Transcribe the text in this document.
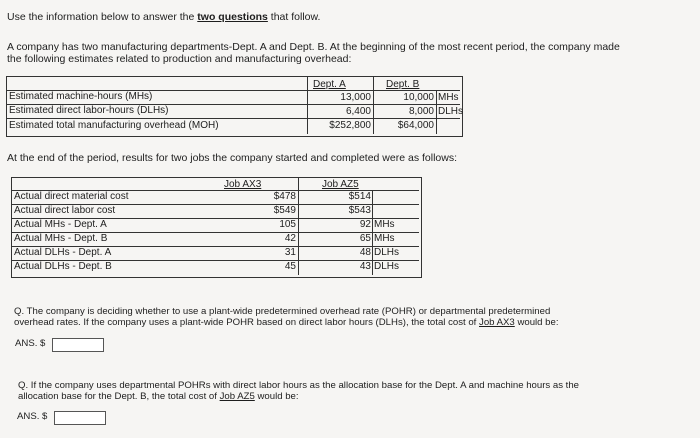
Use the information below to answer the two questions that follow.
A company has two manufacturing departments-Dept. A and Dept. B. At the beginning of the most recent period, the company made
the following estimates related to production and manufacturing overhead:
Dept. A	Dept. B
Estimated machine-hours (MHs)	13,000	10,000 MHs
Estimated direct labor-hours (DLHs)	6,400	8,000 DLHs
Estimated total manufacturing overhead (MOH)	$252,800	$64,000
At the end of the period, results for two jobs the company started and completed were as follows:
Job AX3	Job AZ5
Actual direct material cost	$478	$514
Actual direct labor cost	$549	$543
Actual MHs - Dept. A	105	92 MHs
Actual MHs - Dept. B	42	65 MHs
Actual DLHs - Dept. A	31	48 DLHs
Actual DLHs - Dept. B	45	43 DLHs
Q. The company is deciding whether to use a plant-wide predetermined overhead rate (POHR) or departmental predetermined
overhead rates. If the company uses a plant-wide POHR based on direct labor hours (DLHs), the total cost of Job AX3 would be:
ANS. $
Q. If the company uses departmental POHRs with direct labor hours as the allocation base for the Dept. A and machine hours as the
allocation base for the Dept. B, the total cost of Job AZ5 would be:
ANS. $
